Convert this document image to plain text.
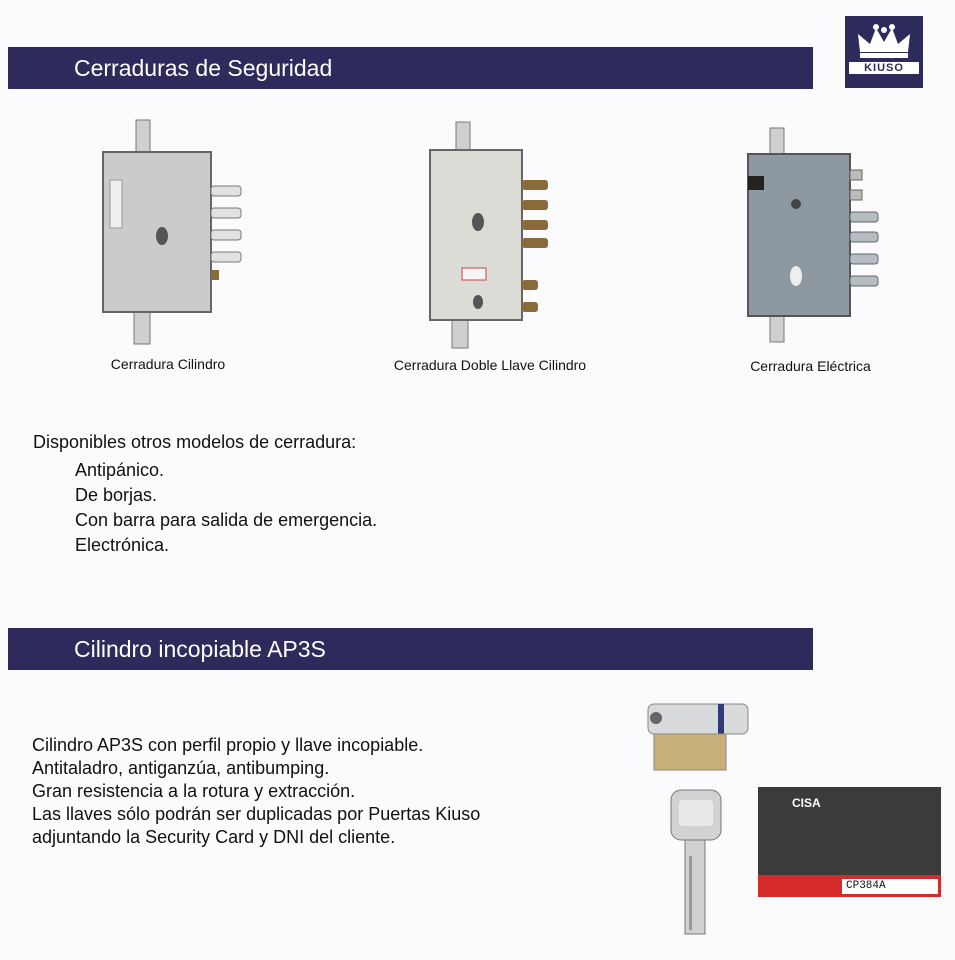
KIUSO
Cerraduras de Seguridad
Cerradura Cilindro	Cerradura Doble Llave Cilindro	Cerradura Eléctrica
Disponibles otros modelos de cerradura:
Antipánico.
De borjas.
Con barra para salida de emergencia.
Electrónica.
Cilindro incopiable AP3S
Cilindro AP3S con perfil propio y llave incopiable.
Antitaladro, antiganzúa, antibumping.
Gran resistencia a la rotura y extracción.
Las llaves sólo podrán ser duplicadas por Puertas Kiuso
adjuntando la Security Card y DNI del cliente.
CP384A
CISA
